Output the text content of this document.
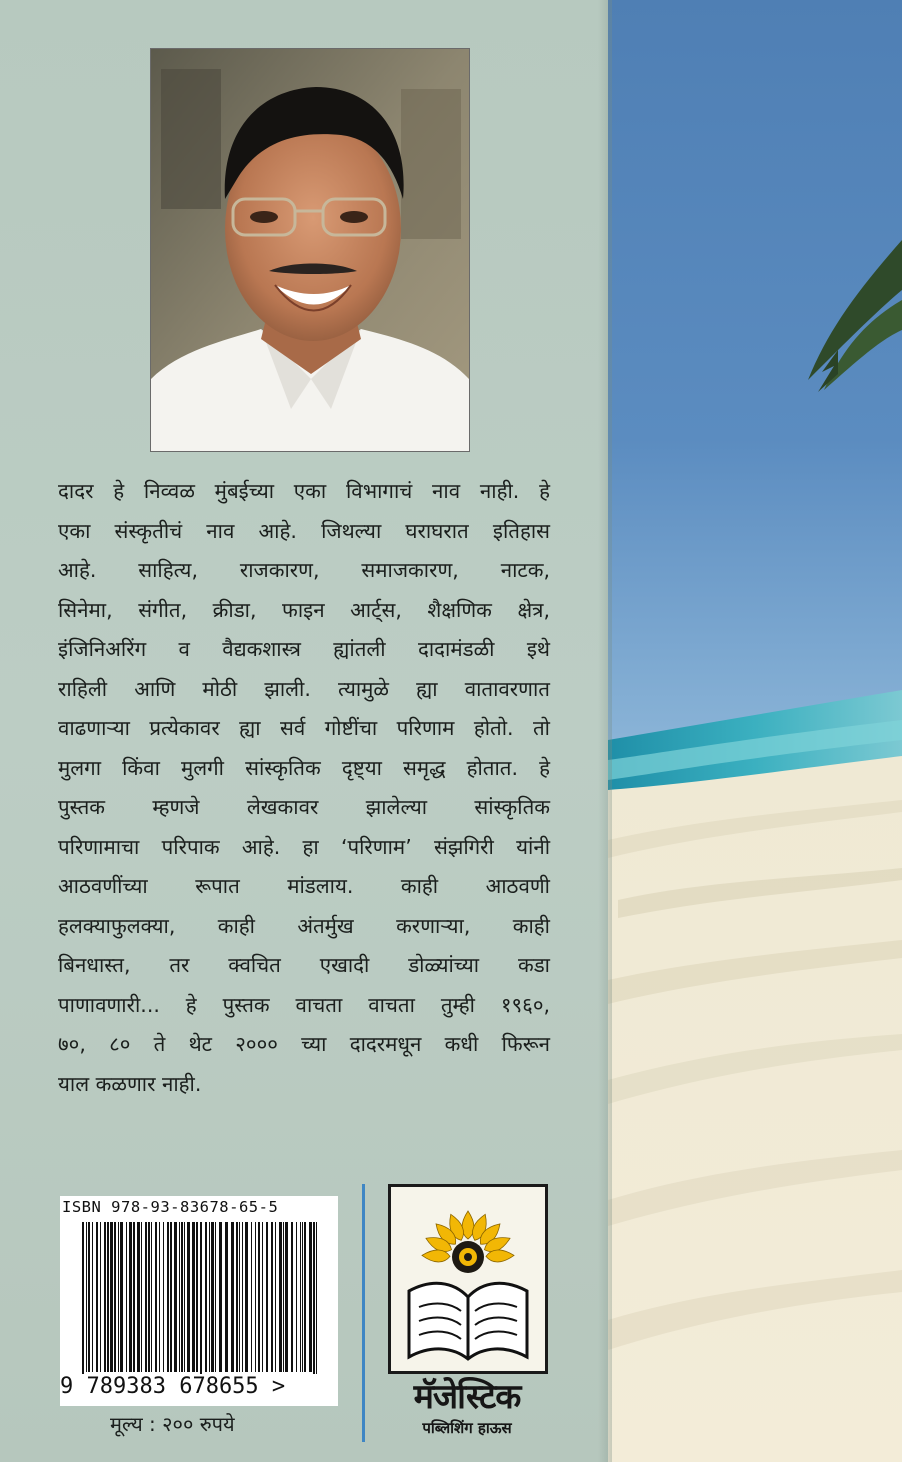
दादर हे निव्वळ मुंबईच्या एका विभागाचं नाव नाही. हे
एका संस्कृतीचं नाव आहे. जिथल्या घराघरात इतिहास
आहे. साहित्य, राजकारण, समाजकारण, नाटक,
सिनेमा, संगीत, क्रीडा, फाइन आर्ट्स, शैक्षणिक क्षेत्र,
इंजिनिअरिंग व वैद्यकशास्त्र ह्यांतली दादामंडळी इथे
राहिली आणि मोठी झाली. त्यामुळे ह्या वातावरणात
वाढणाऱ्या प्रत्येकावर ह्या सर्व गोष्टींचा परिणाम होतो. तो
मुलगा किंवा मुलगी सांस्कृतिक दृष्ट्या समृद्ध होतात. हे
पुस्तक म्हणजे लेखकावर झालेल्या सांस्कृतिक
परिणामाचा परिपाक आहे. हा ‘परिणाम’ संझगिरी यांनी
आठवणींच्या रूपात मांडलाय. काही आठवणी
हलक्याफुलक्या, काही अंतर्मुख करणाऱ्या, काही
बिनधास्त, तर क्वचित एखादी डोळ्यांच्या कडा
पाणावणारी... हे पुस्तक वाचता वाचता तुम्ही १९६०,
७०, ८० ते थेट २००० च्या दादरमधून कधी फिरून
याल कळणार नाही.
ISBN 978-93-83678-65-5
9 789383 678655 >
मूल्य : २०० रुपये
मॅजेस्टिक
पब्लिशिंग हाऊस
